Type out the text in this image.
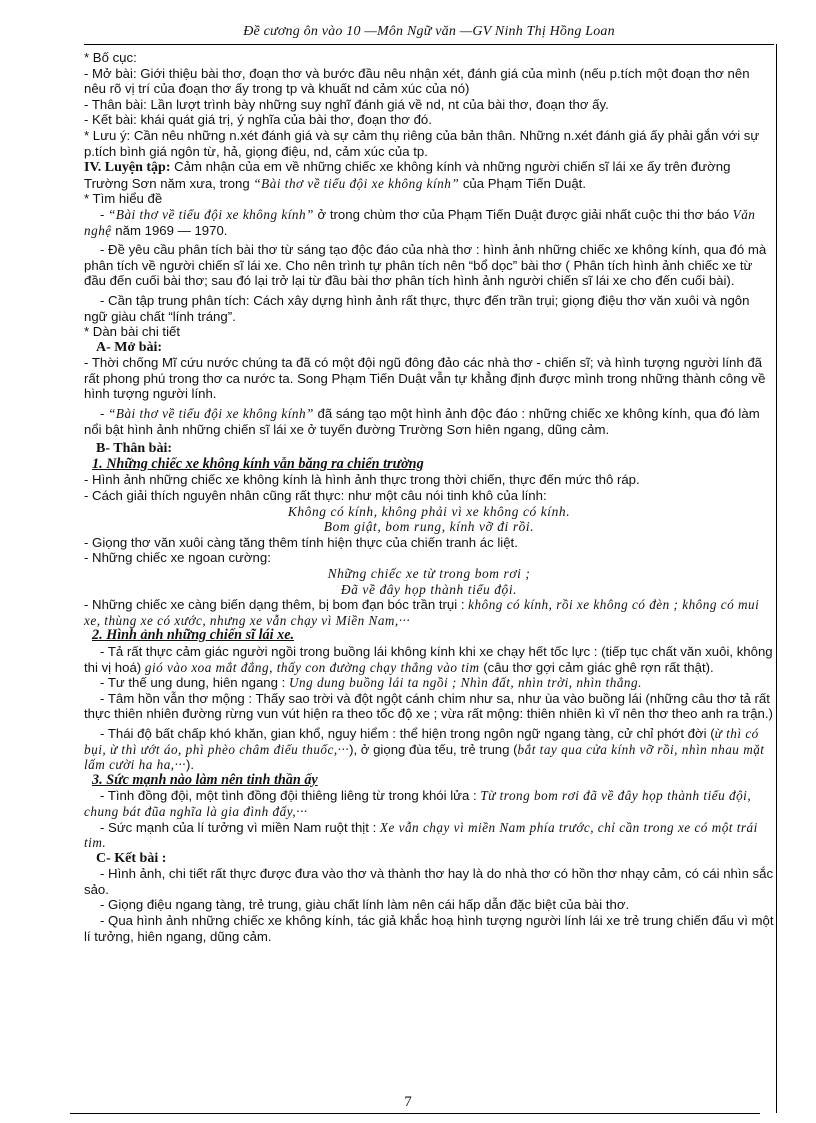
Đề cương ôn vào 10 —Môn Ngữ văn —GV Ninh Thị Hồng Loan

* Bố cục:

- Mở bài: Giới thiệu bài thơ, đoạn thơ và bước đầu nêu nhận xét, đánh giá của mình (nếu p.tích một đoạn thơ nên nêu rõ vị trí của đoạn thơ ấy trong tp và khuất nd cảm xúc của nó)

- Thân bài: Lần lượt trình bày những suy nghĩ đánh giá về nd, nt của bài thơ, đoạn thơ ấy.

- Kết bài: khái quát giá trị, ý nghĩa của bài thơ, đoạn thơ đó.

* Lưu ý: Cần nêu những n.xét đánh giá và sự cảm thụ riêng của bản thân. Những n.xét đánh giá ấy phải gắn với sự p.tích bình giá ngôn từ, hả, giọng điệu, nd, cảm xúc của tp.

IV. Luyện tập: Cảm nhận của em về những chiếc xe không kính và những người chiến sĩ lái xe ấy trên đường Trường Sơn năm xưa, trong “Bài thơ về tiểu đội xe không kính” của Phạm Tiến Duật.

* Tìm hiểu đề

- “Bài thơ về tiểu đội xe không kính” ở trong chùm thơ của Phạm Tiến Duật được giải nhất cuộc thi thơ báo Văn nghệ năm 1969 — 1970.

- Đề yêu cầu phân tích bài thơ từ sáng tạo độc đáo của nhà thơ : hình ảnh những chiếc xe không kính, qua đó mà phân tích về người chiến sĩ lái xe. Cho nên trình tự phân tích nên “bổ dọc” bài thơ ( Phân tích hình ảnh chiếc xe từ đầu đến cuối bài thơ; sau đó lại trở lại từ đầu bài thơ phân tích hình ảnh người chiến sĩ lái xe cho đến cuối bài).

- Cần tập trung phân tích: Cách xây dựng hình ảnh rất thực, thực đến trần trụi; giọng điệu thơ văn xuôi và ngôn ngữ giàu chất “lính tráng”.

* Dàn bài chi tiết

A- Mở bài:

- Thời chống Mĩ cứu nước chúng ta đã có một đội ngũ đông đảo các nhà thơ - chiến sĩ; và hình tượng người lính đã rất phong phú trong thơ ca nước ta. Song Phạm Tiến Duật vẫn tự khẳng định được mình trong những thành công về hình tượng người lính.

- “Bài thơ về tiểu đội xe không kính” đã sáng tạo một hình ảnh độc đáo : những chiếc xe không kính, qua đó làm nổi bật hình ảnh những chiến sĩ lái xe ở tuyến đường Trường Sơn hiên ngang, dũng cảm.

B- Thân bài:

1. Những chiếc xe không kính vẫn băng ra chiến trường

- Hình ảnh những chiếc xe không kính là hình ảnh thực trong thời chiến, thực đến mức thô ráp.

- Cách giải thích nguyên nhân cũng rất thực: như một câu nói tinh khô của lính:

Không có kính, không phải vì xe không có kính.

Bom giật, bom rung, kính vỡ đi rồi.

- Giọng thơ văn xuôi càng tăng thêm tính hiện thực của chiến tranh ác liệt.

- Những chiếc xe ngoan cường:

Những chiếc xe từ trong bom rơi ;

Đã về đây họp thành tiểu đội.

- Những chiếc xe càng biến dạng thêm, bị bom đạn bóc trần trụi : không có kính, rồi xe không có đèn ; không có mui xe, thùng xe có xước, nhưng xe vẫn chạy vì Miền Nam,···

2. Hình ảnh những chiến sĩ lái xe.

- Tả rất thực cảm giác người ngồi trong buồng lái không kính khi xe chạy hết tốc lực : (tiếp tục chất văn xuôi, không thi vị hoá) gió vào xoa mắt đắng, thấy con đường chạy thẳng vào tim (câu thơ gợi cảm giác ghê rợn rất thật).

- Tư thế ung dung, hiên ngang : Ung dung buồng lái ta ngồi ; Nhìn đất, nhìn trời, nhìn thẳng.

- Tâm hồn vẫn thơ mộng : Thấy sao trời và đột ngột cánh chim như sa, như ùa vào buồng lái (những câu thơ tả rất thực thiên nhiên đường rừng vun vút hiện ra theo tốc độ xe ; vừa rất mộng: thiên nhiên kì vĩ nên thơ theo anh ra trận.)

- Thái độ bất chấp khó khăn, gian khổ, nguy hiểm : thể hiện trong ngôn ngữ ngang tàng, cử chỉ phớt đời (ừ thì có bụi, ừ thì ướt áo, phì phèo châm điếu thuốc,···), ở giọng đùa tếu, trẻ trung (bắt tay qua cửa kính vỡ rồi, nhìn nhau mặt lấm cười ha ha,···).

3. Sức mạnh nào làm nên tinh thần ấy

- Tình đồng đội, một tình đồng đội thiêng liêng từ trong khói lửa : Từ trong bom rơi đã về đây họp thành tiểu đội, chung bát đũa nghĩa là gia đình đấy,···

- Sức mạnh của lí tưởng vì miền Nam ruột thịt : Xe vẫn chạy vì miền Nam phía trước, chỉ cần trong xe có một trái tim.

C- Kết bài :

- Hình ảnh, chi tiết rất thực được đưa vào thơ và thành thơ hay là do nhà thơ có hồn thơ nhạy cảm, có cái nhìn sắc sảo.

- Giọng điệu ngang tàng, trẻ trung, giàu chất lính làm nên cái hấp dẫn đặc biệt của bài thơ.

- Qua hình ảnh những chiếc xe không kính, tác giả khắc hoạ hình tượng người lính lái xe trẻ trung chiến đấu vì một lí tưởng, hiên ngang, dũng cảm.

7
